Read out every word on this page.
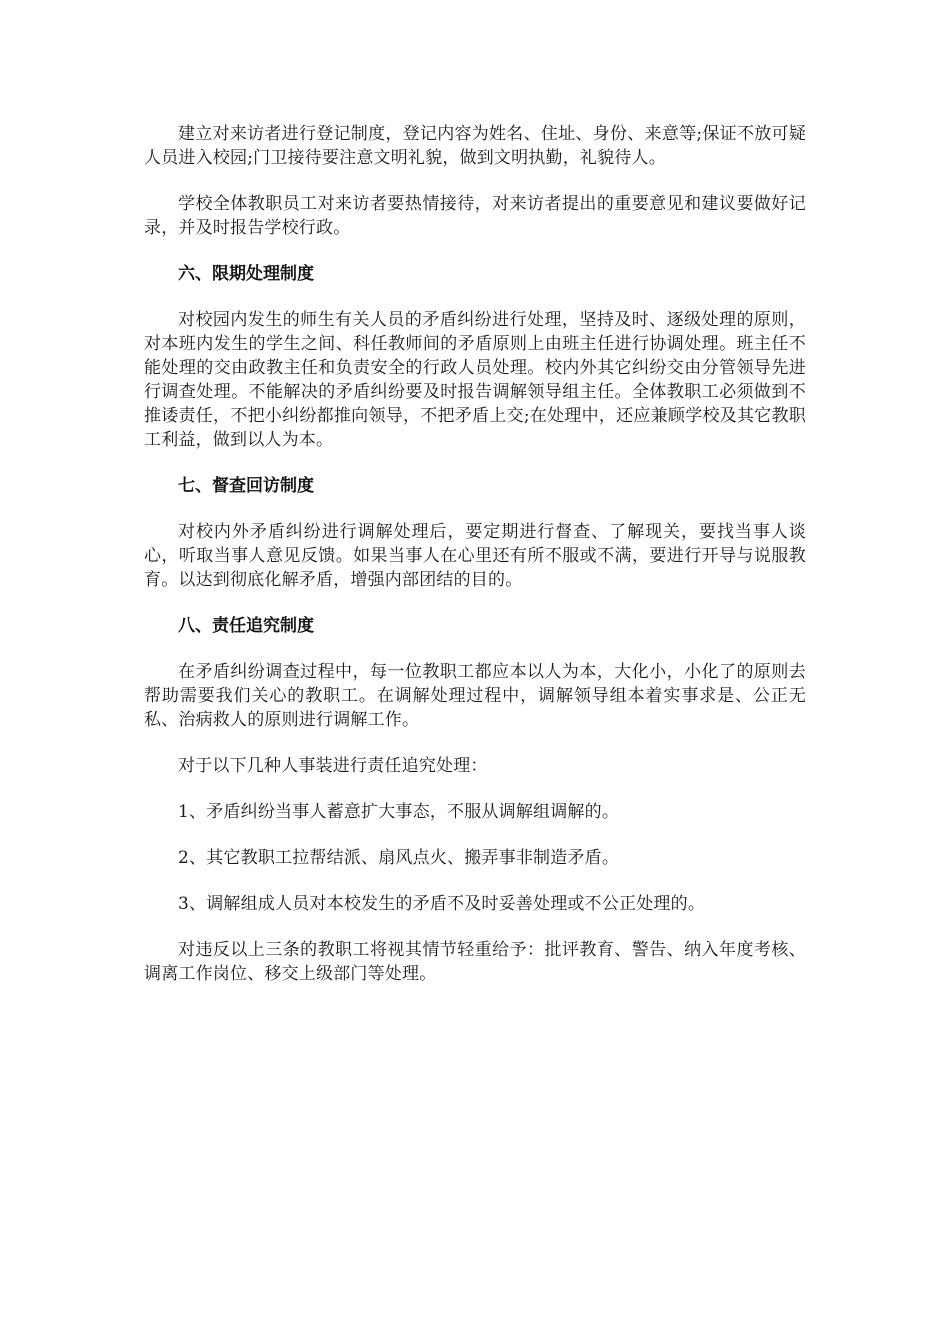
建立对来访者进行登记制度，登记内容为姓名、住址、身份、来意等;保证不放可疑人员进入校园;门卫接待要注意文明礼貌，做到文明执勤，礼貌待人。

学校全体教职员工对来访者要热情接待，对来访者提出的重要意见和建议要做好记录，并及时报告学校行政。

六、限期处理制度

对校园内发生的师生有关人员的矛盾纠纷进行处理，坚持及时、逐级处理的原则，对本班内发生的学生之间、科任教师间的矛盾原则上由班主任进行协调处理。班主任不能处理的交由政教主任和负责安全的行政人员处理。校内外其它纠纷交由分管领导先进行调查处理。不能解决的矛盾纠纷要及时报告调解领导组主任。全体教职工必须做到不推诿责任，不把小纠纷都推向领导，不把矛盾上交;在处理中，还应兼顾学校及其它教职工利益，做到以人为本。

七、督查回访制度

对校内外矛盾纠纷进行调解处理后，要定期进行督查、了解现关，要找当事人谈心，听取当事人意见反馈。如果当事人在心里还有所不服或不满，要进行开导与说服教育。以达到彻底化解矛盾，增强内部团结的目的。

八、责任追究制度

在矛盾纠纷调查过程中，每一位教职工都应本以人为本，大化小，小化了的原则去帮助需要我们关心的教职工。在调解处理过程中，调解领导组本着实事求是、公正无私、治病救人的原则进行调解工作。

对于以下几种人事装进行责任追究处理：

1、矛盾纠纷当事人蓄意扩大事态，不服从调解组调解的。

2、其它教职工拉帮结派、扇风点火、搬弄事非制造矛盾。

3、调解组成人员对本校发生的矛盾不及时妥善处理或不公正处理的。

对违反以上三条的教职工将视其情节轻重给予：批评教育、警告、纳入年度考核、调离工作岗位、移交上级部门等处理。
